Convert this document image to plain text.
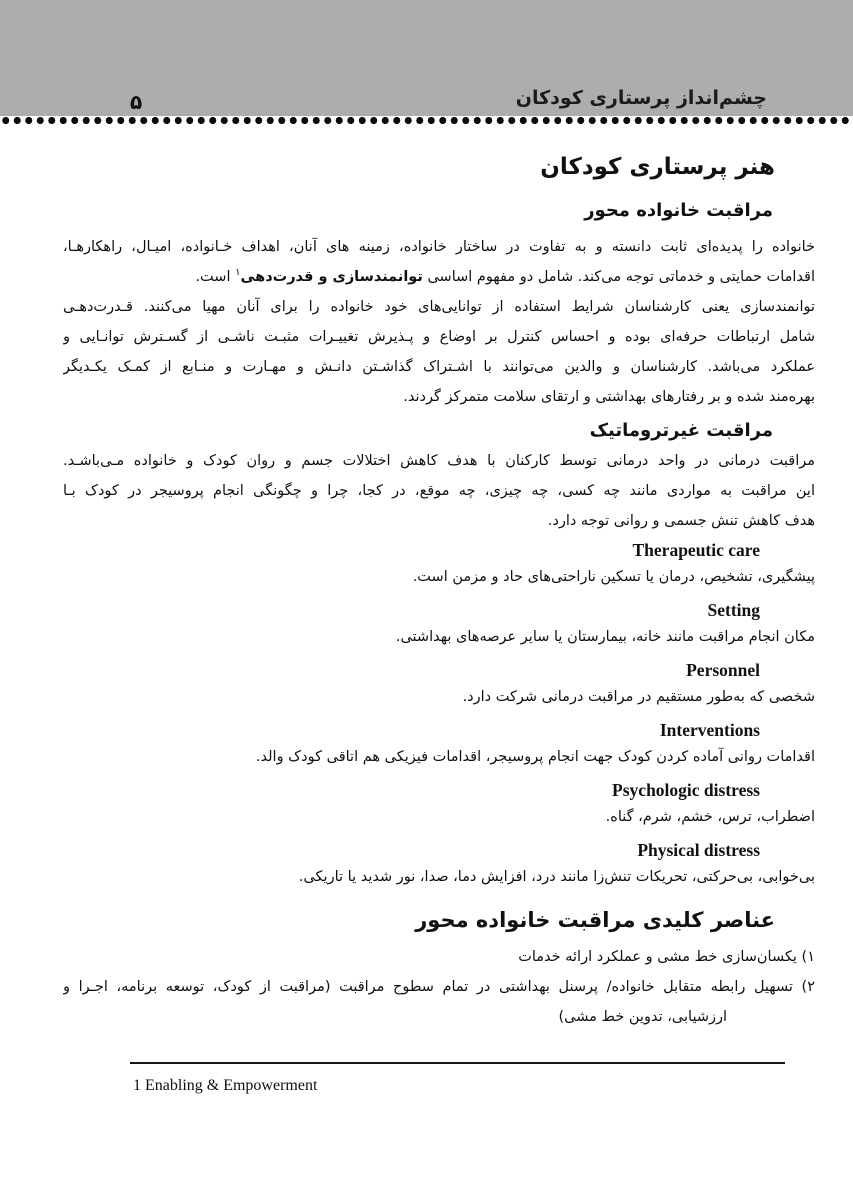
چشم‌انداز پرستاری کودکان
۵
هنر پرستاری کودکان
مراقبت خانواده محور
خانواده را پدیده‌ای ثابت دانسته و به تفاوت در ساختار خانواده، زمینه های آنان، اهداف خـانواده، امیـال، راهکارهـا،
اقدامات حمایتی و خدماتی توجه می‌کند. شامل دو مفهوم اساسی توانمندسازی و قدرت‌دهی$^۱$ است.
توانمندسازی یعنی کارشناسان شرایط استفاده از توانایی‌های خود خانواده را برای آنان مهیا می‌کنند. قـدرت‌دهـی
شامل ارتباطات حرفه‌ای بوده و احساس کنترل بر اوضاع و پـذیرش تغییـرات مثبـت ناشـی از گسـترش توانـایی و
عملکرد می‌باشد. کارشناسان و والدین می‌توانند با اشـتراک گذاشـتن دانـش و مهـارت و منـابع از کمـک یکـدیگر
بهره‌مند شده و بر رفتارهای بهداشتی و ارتقای سلامت متمرکز گردند.
مراقبت غیرتروماتیک
مراقبت درمانی در واحد درمانی توسط کارکنان با هدف کاهش اختلالات جسم و روان کودک و خانواده مـی‌باشـد.
این مراقبت به مواردی مانند چه کسی، چه چیزی، چه موقع، در کجا، چرا و چگونگی انجام پروسیجر در کودک بـا
هدف کاهش تنش جسمی و روانی توجه دارد.
Therapeutic care
پیشگیری، تشخیص، درمان یا تسکین ناراحتی‌های حاد و مزمن است.
Setting
مکان انجام مراقبت مانند خانه، بیمارستان یا سایر عرصه‌های بهداشتی.
Personnel
شخصی که به‌طور مستقیم در مراقبت درمانی شرکت دارد.
Interventions
اقدامات روانی آماده کردن کودک جهت انجام پروسیجر، اقدامات فیزیکی هم اتاقی کودک والد.
Psychologic distress
اضطراب، ترس، خشم، شرم، گناه.
Physical distress
بی‌خوابی، بی‌حرکتی، تحریکات تنش‌زا مانند درد، افزایش دما، صدا، نور شدید یا تاریکی.
عناصر کلیدی مراقبت خانواده محور
۱) یکسان‌سازی خط مشی و عملکرد ارائه خدمات
۲) تسهیل رابطه متقابل خانواده/ پرسنل بهداشتی در تمام سطوح مراقبت (مراقبت از کودک، توسعه برنامه، اجـرا و
ارزشیابی، تدوین خط مشی)
1 Enabling & Empowerment
